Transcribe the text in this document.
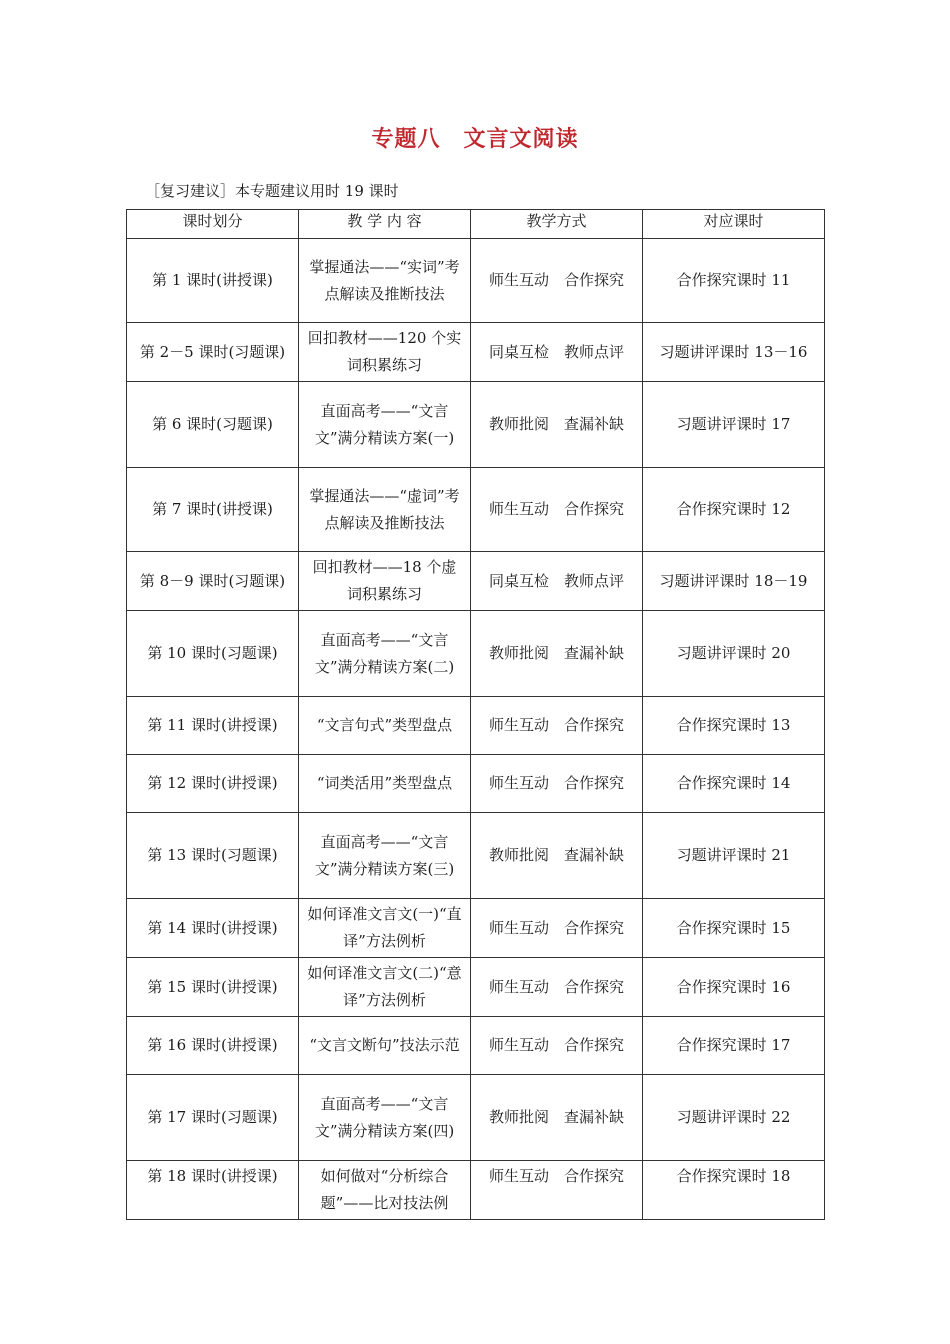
专题八　文言文阅读
［复习建议］本专题建议用时 19 课时
课时划分	教 学 内 容	教学方式	对应课时
第 1 课时(讲授课)	掌握通法——“实词”考点解读及推断技法	师生互动　合作探究	合作探究课时 11
第 2－5 课时(习题课)	回扣教材——120 个实词积累练习	同桌互检　教师点评	习题讲评课时 13－16
第 6 课时(习题课)	直面高考——“文言文”满分精读方案(一)	教师批阅　查漏补缺	习题讲评课时 17
第 7 课时(讲授课)	掌握通法——“虚词”考点解读及推断技法	师生互动　合作探究	合作探究课时 12
第 8－9 课时(习题课)	回扣教材——18 个虚词积累练习	同桌互检　教师点评	习题讲评课时 18－19
第 10 课时(习题课)	直面高考——“文言文”满分精读方案(二)	教师批阅　查漏补缺	习题讲评课时 20
第 11 课时(讲授课)	“文言句式”类型盘点	师生互动　合作探究	合作探究课时 13
第 12 课时(讲授课)	“词类活用”类型盘点	师生互动　合作探究	合作探究课时 14
第 13 课时(习题课)	直面高考——“文言文”满分精读方案(三)	教师批阅　查漏补缺	习题讲评课时 21
第 14 课时(讲授课)	如何译准文言文(一)“直译”方法例析	师生互动　合作探究	合作探究课时 15
第 15 课时(讲授课)	如何译准文言文(二)“意译”方法例析	师生互动　合作探究	合作探究课时 16
第 16 课时(讲授课)	“文言文断句”技法示范	师生互动　合作探究	合作探究课时 17
第 17 课时(习题课)	直面高考——“文言文”满分精读方案(四)	教师批阅　查漏补缺	习题讲评课时 22
第 18 课时(讲授课)	如何做对“分析综合题”——比对技法例	师生互动　合作探究	合作探究课时 18
